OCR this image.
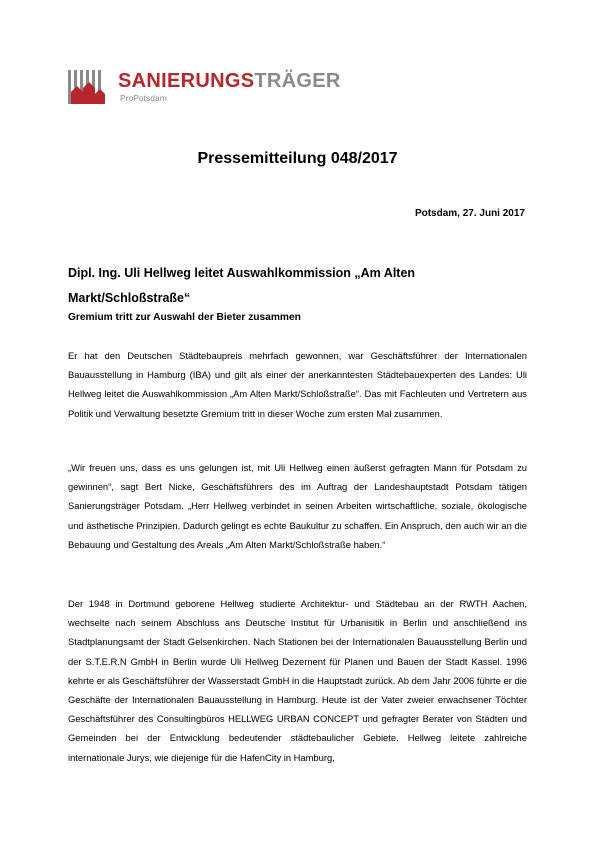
SANIERUNGSTRÄGER
ProPotsdam
Pressemitteilung 048/2017
Potsdam, 27. Juni 2017
Dipl. Ing. Uli Hellweg leitet Auswahlkommission „Am Alten Markt/Schloßstraße“
Gremium tritt zur Auswahl der Bieter zusammen

Er hat den Deutschen Städtebaupreis mehrfach gewonnen, war Geschäftsführer der Internationalen Bauausstellung in Hamburg (IBA) und gilt als einer der anerkanntesten Städtebauexperten des Landes: Uli Hellweg leitet die Auswahlkommission „Am Alten Markt/Schloßstraße“. Das mit Fachleuten und Vertretern aus Politik und Verwaltung besetzte Gremium tritt in dieser Woche zum ersten Mal zusammen.

„Wir freuen uns, dass es uns gelungen ist, mit Uli Hellweg einen äußerst gefragten Mann für Potsdam zu gewinnen“, sagt Bert Nicke, Geschäftsführers des im Auftrag der Landeshauptstadt Potsdam tätigen Sanierungsträger Potsdam. „Herr Hellweg verbindet in seinen Arbeiten wirtschaftliche, soziale, ökologische und ästhetische Prinzipien. Dadurch gelingt es echte Baukultur zu schaffen. Ein Anspruch, den auch wir an die Bebauung und Gestaltung des Areals „Am Alten Markt/Schloßstraße haben.“

Der 1948 in Dortmund geborene Hellweg studierte Architektur- und Städtebau an der RWTH Aachen, wechselte nach seinem Abschluss ans Deutsche Institut für Urbanisitik in Berlin und anschließend ins Stadtplanungsamt der Stadt Gelsenkirchen. Nach Stationen bei der Internationalen Bauausstellung Berlin und der S.T.E.R.N GmbH in Berlin wurde Uli Hellweg Dezernent für Planen und Bauen der Stadt Kassel. 1996 kehrte er als Geschäftsführer der Wasserstadt GmbH in die Hauptstadt zurück. Ab dem Jahr 2006 führte er die Geschäfte der Internationalen Bauausstellung in Hamburg. Heute ist der Vater zweier erwachsener Töchter Geschäftsführer des Consultingbüros HELLWEG URBAN CONCEPT und gefragter Berater von Städten und Gemeinden bei der Entwicklung bedeutender städtebaulicher Gebiete. Hellweg leitete zahlreiche internationale Jurys, wie diejenige für die HafenCity in Hamburg,
